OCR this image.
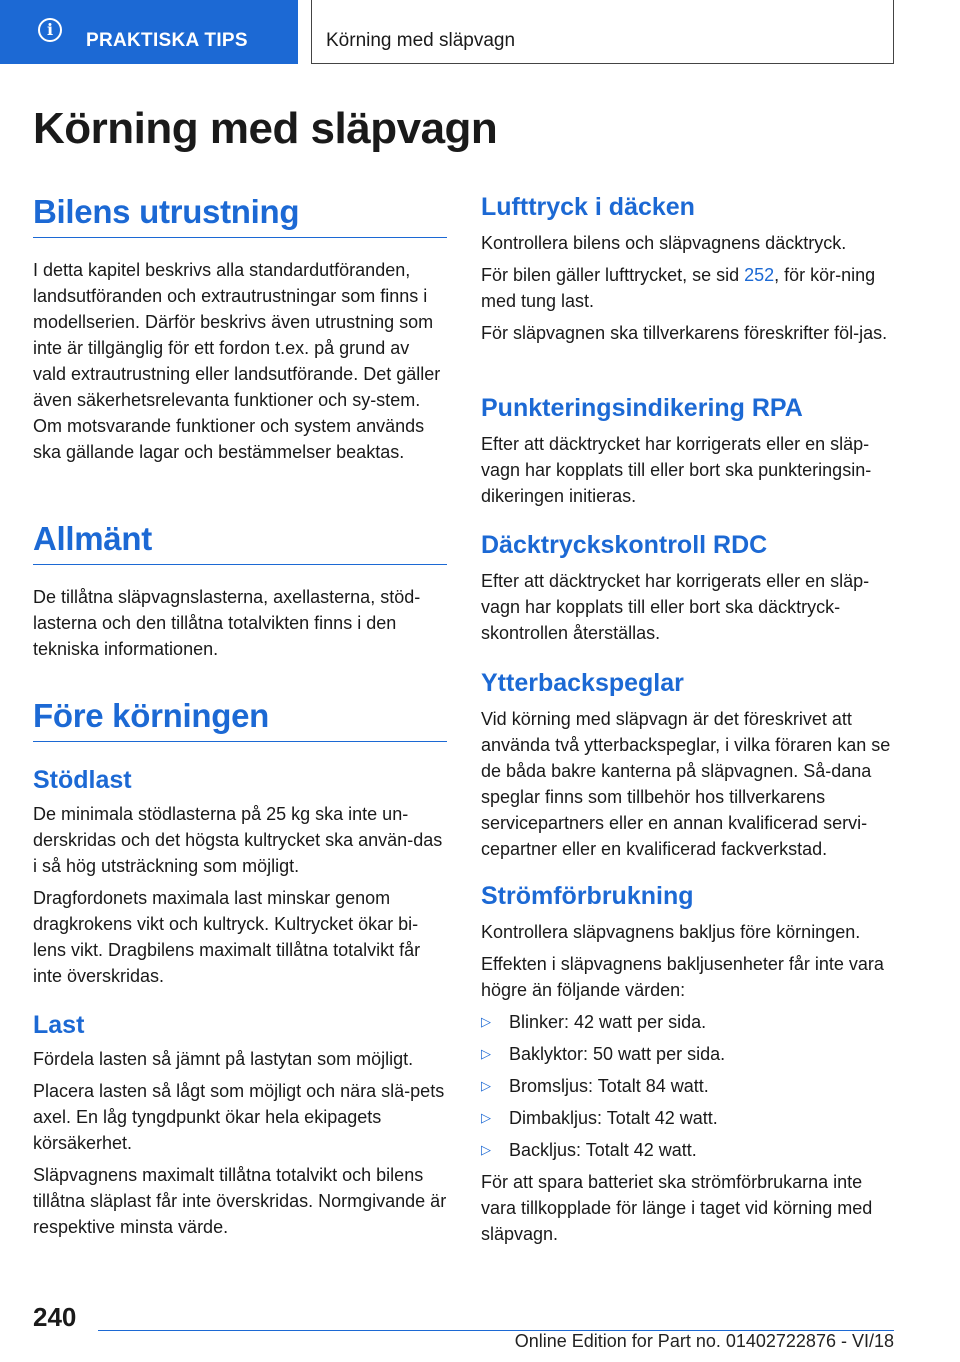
i
PRAKTISKA TIPS	Körning med släpvagn
Körning med släpvagn
Bilens utrustning

I detta kapitel beskrivs alla standardutföranden, landsutföranden och extrautrustningar som finns i modellserien. Därför beskrivs även utrustning som inte är tillgänglig för ett fordon t.ex. på grund av vald extrautrustning eller landsutförande. Det gäller även säkerhetsrelevanta funktioner och sy-stem. Om motsvarande funktioner och system används ska gällande lagar och bestämmelser beaktas.

Allmänt

De tillåtna släpvagnslasterna, axellasterna, stöd-lasterna och den tillåtna totalvikten finns i den tekniska informationen.

Före körningen
Stödlast

De minimala stödlasterna på 25 kg ska inte un-derskridas och det högsta kultrycket ska använ-das i så hög utsträckning som möjligt.

Dragfordonets maximala last minskar genom dragkrokens vikt och kultryck. Kultrycket ökar bi-lens vikt. Dragbilens maximalt tillåtna totalvikt får inte överskridas.

Last

Fördela lasten så jämnt på lastytan som möjligt.

Placera lasten så lågt som möjligt och nära slä-pets axel. En låg tyngdpunkt ökar hela ekipagets körsäkerhet.

Släpvagnens maximalt tillåtna totalvikt och bilens tillåtna släplast får inte överskridas. Normgivande är respektive minsta värde.

Lufttryck i däcken

Kontrollera bilens och släpvagnens däcktryck.

För bilen gäller lufttrycket, se sid 252, för kör-ning med tung last.

För släpvagnen ska tillverkarens föreskrifter föl-jas.

Punkteringsindikering RPA

Efter att däcktrycket har korrigerats eller en släp-vagn har kopplats till eller bort ska punkteringsin-dikeringen initieras.

Däcktryckskontroll RDC

Efter att däcktrycket har korrigerats eller en släp-vagn har kopplats till eller bort ska däcktryck-skontrollen återställas.

Ytterbackspeglar

Vid körning med släpvagn är det föreskrivet att använda två ytterbackspeglar, i vilka föraren kan se de båda bakre kanterna på släpvagnen. Så-dana speglar finns som tillbehör hos tillverkarens servicepartners eller en annan kvalificerad servi-cepartner eller en kvalificerad fackverkstad.

Strömförbrukning

Kontrollera släpvagnens bakljus före körningen.

Effekten i släpvagnens bakljusenheter får inte vara högre än följande värden:

▷ Blinker: 42 watt per sida.
▷ Baklyktor: 50 watt per sida.
▷ Bromsljus: Totalt 84 watt.
▷ Dimbakljus: Totalt 42 watt.
▷ Backljus: Totalt 42 watt.

För att spara batteriet ska strömförbrukarna inte vara tillkopplade för länge i taget vid körning med släpvagn.

240
Online Edition for Part no. 01402722876 - VI/18
